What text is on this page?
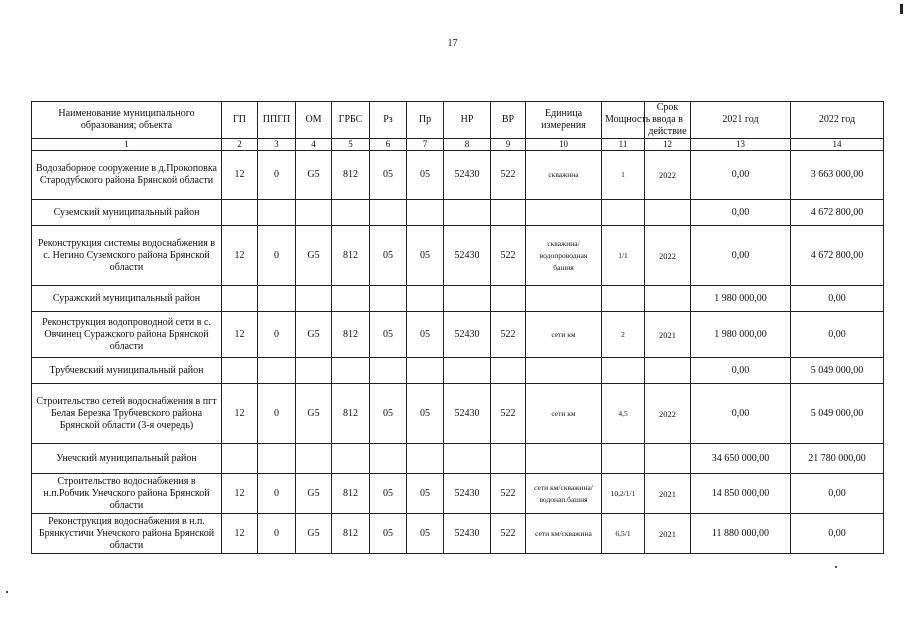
17
Наименование муниципального образования; объекта	ГП	ППГП	ОМ	ГРБС	Рз	Пр	НР	ВР	Единица измерения	Мощность	Срок ввода в действие	2021 год	2022 год
1	2	3	4	5	6	7	8	9	10	11	12	13	14
Водозаборное сооружение в д.Прокоповка Стародубского района Брянской области	12	0	G5	812	05	05	52430	522	скважина	1	2022	0,00	3 663 000,00
Суземский муниципальный район												0,00	4 672 800,00
Реконструкция системы водоснабжения в с. Негино Суземского района Брянской области	12	0	G5	812	05	05	52430	522	скважина/водопроводная башня	1/1	2022	0,00	4 672 800,00
Суражский муниципальный район												1 980 000,00	0,00
Реконструкция водопроводной сети в с. Овчинец Суражского района Брянской области	12	0	G5	812	05	05	52430	522	сети км	2	2021	1 980 000,00	0,00
Трубчевский муниципальный район												0,00	5 049 000,00
Строительство сетей водоснабжения в пгт Белая Березка Трубчевского района Брянской области (3-я очередь)	12	0	G5	812	05	05	52430	522	сети км	4,5	2022	0,00	5 049 000,00
Унечский муниципальный район												34 650 000,00	21 780 000,00
Строительство водоснабжения в н.п.Робчик Унечского района Брянской области	12	0	G5	812	05	05	52430	522	сети км/скважина/водонап.башня	10,2/1/1	2021	14 850 000,00	0,00
Реконструкция водоснабжения в н.п. Брянкустичи Унечского района Брянской области	12	0	G5	812	05	05	52430	522	сети км/скважина	6,5/1	2021	11 880 000,00	0,00
